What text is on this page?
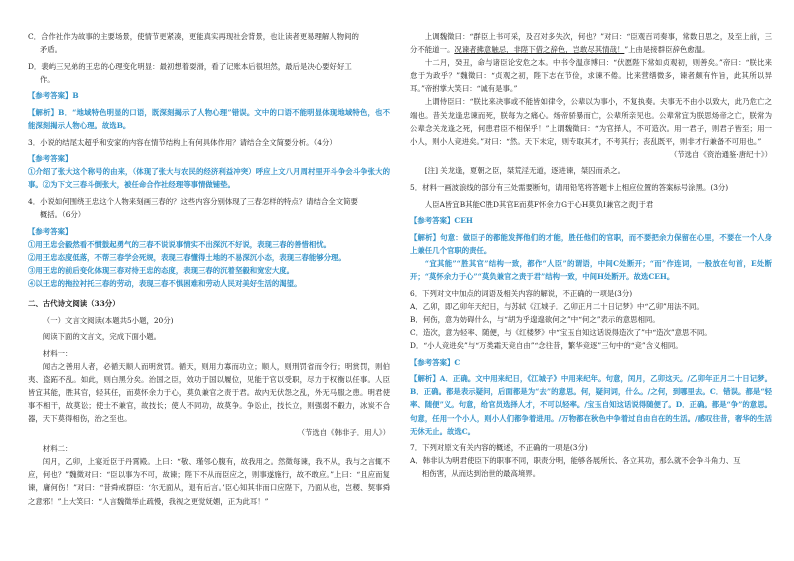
C．合作社作为故事的主要场景，使情节更紧凑，更能真实再现社会背景，也让读者更易理解人物间的

矛盾。

D．裴屿三兄弟的王忠的心理变化明显：最初想着耍滑，看了记账本后很坦然，最后是决心要好好工

作。

【参考答案】B

【解析】B．“地域特色明显的口语，既深刻揭示了人物心理”错误。文中的口语不能明显体现地域特色，也不能深刻揭示人物心理。故选B。

3．小说的结尾太超乎和安家的内容在情节结构上有何具体作用？请结合全文简要分析。（4分）

【参考答案】

①介绍了张大这个称号的由来，（体现了张大与农民的经济利益冲突）呼应上文八月周村里开斗争会斗争张大的事。②为下文三春斗倒张大，被任命合作社经理等事情做铺垫。

4．小说如何围绕王忠这个人物来刻画三春的？这些内容分别体现了三春怎样的特点？请结合全文简要

概括。（6分）

【参考答案】

①用王忠会毅然看不惯鼓起勇气的三春不说说事情实不出深沉不好说，表现三春的善惜相忧。

②用王忠态度低落，不帮三春学会死规，表现三春懂得土地的不易深沉小态，表现三春能够分理。

③用王忠的前后变化体现三春对待王忠的态度，表现三春的沉着坚毅和宽宏大度。

④以王忠的拖拉衬托三春的劳动，表现三春不惧困难和劳动人民对美好生活的渴望。

二、古代诗文阅读（33分）

（一）文言文阅读(本题共5小题，20分)

阅读下面的文言文，完成下面小题。

材料一：

闻古之善用人者，必循天顺人而明赏罚。循天，则用力寡而功立；顺人，则刑罚省而令行；明赏罚，则伯夷、盗跖不乱。如此，则白黑分矣。治国之臣，效功于国以履位，见能于官以受职，尽力于权衡以任事。人臣皆宜其能，胜其官，轻其任，而莫怀余力于心，莫负兼官之责于君。故内无伏怨之乱，外无马服之患。明君使事不相干，故莫讼；使士不兼官，故技长；使人不同功，故莫争。争讼止，技长立，则强弱不觳力，冰炭不合器，天下莫得相伤，治之至也。

（节选自《韩非子．用人》）

材料二：

闰月，乙卯，上宴近臣于丹霄殿。上曰：“敬、瑾邻心腹有，故我用之。然徵每谏，我不从，我与之言辄不应，何也？”魏徵对曰：“臣以事为不可，故谏；陛下不从而臣应之，则事遂施行，故不敢应。”上曰：“且应而复谏，庸何伤！”对曰：“昔舜戒群臣：‘尔无面从，退有后言。’臣心知其非而口应陛下，乃面从也，岂稷、契事舜之意邪！”上大笑曰：“人言魏徵举止疏慢，我视之更觉妩媚，正为此耳！”

上调魏徵曰：“群臣上书可采，及召对多失次，何也？”对曰：“臣观百司奏事，常数日思之，及至上前，三分不能道一。况谏者拂意触忌，非陛下借之辞色，岂敢尽其情哉！”上由是接群臣辞色愈温。

十二月，癸丑，命与诸臣论安危之本。中书令温彦博曰：“伏愿陛下常如贞观初，则善矣。”帝曰：“朕比来怠于为政乎？”魏徵曰：“贞观之初，陛下志在节俭，求谏不倦。比来营缮微多，谏者颇有忤旨，此其所以异耳。”帝拊掌大笑曰：“诚有是事。”

上谓侍臣曰：“朕比来决事或不能皆如律令，公辈以为事小，不复执奏。夫事无不由小以致大，此乃危亡之端也。昔关龙逢忠谏而死，朕每为之痛心。炀帝骄暴而亡，公辈所亲见也。公辈常宜为朕思炀帝之亡，朕常为公辈念关龙逢之死，何患君臣不相保乎！”上谓魏徵曰：“为官择人，不可造次。用一君子，则君子皆至；用一小人，则小人竞进矣。”对曰：“然。天下未定，则专取其才，不考其行；丧乱既平，则非才行兼备不可用也。”

（节选自《资治通鉴·唐纪十》）

[注] 关龙逢，夏朝之臣，桀荒淫无道，逐进谏，桀囚而杀之。

5．材料一画波浪线的部分有三处需要断句，请用铅笔将答题卡上相应位置的答案标号涂黑。(3分)

人臣A皆宜B其能C胜D其官E而莫F怀余力G于心H莫负I兼官之责J于君

【参考答案】CEH

【解析】句意：做臣子的都能发挥他们的才能，胜任他们的官职，而不要把余力保留在心里，不要在一个人身上兼任几个官职的责任。

“宜其能”“胜其官”结构一致，都作“人臣”的谓语，中间C处断开；“而”作连词，一般放在句首，E处断开；“莫怀余力于心”“莫负兼官之责于君”结构一致，中间H处断开。故选CEH。

6．下列对文中加点的词语及相关内容的解说，不正确的一项是(3分)

A．乙卯，即乙卯年天纪日，与苏轼《江城子．乙卯正月二十日记梦》中“乙卯”用法不同。

B．何伤，意为妨碍什么，与“胡为乎遑遑欲何之”中“何之”表示的意思相同。

C．造次，意为轻率、随便，与《红楼梦》中“宝玉自知这话说得造次了”中“造次”意思不同。

D．“小人竞进矣”与“万类霜天竞自由”“念往昔，繁华竞逐”三句中的“竞”含义相同。

【参考答案】C

【解析】A．正确。文中用来纪日，《江城子》中用来纪年。句意，闰月，乙卯这天。/乙卯年正月二十日记梦。B．正确。都是表示疑问，后面都是为“去”的意思。何，疑问词，什么。/之何，到哪里去。C．错误。都是“轻率、随便”义。句意，给官员选择人才，不可以轻率。/宝玉自知这话说得随便了。D．正确。都是“争”的意思。句意，任用一个小人，则小人们都争着进用。/万物都在秋色中争着过自由自在的生活。/感叹往昔，奢华的生活无休无止。故选C。

7．下列对原文有关内容的概述，不正确的一项是(3分)

A．韩非认为明君使臣下的职事不同，职责分明，能够各展所长、各立其功，那么就不会争斗角力、互

相伤害，从而达到治世的最高境界。
